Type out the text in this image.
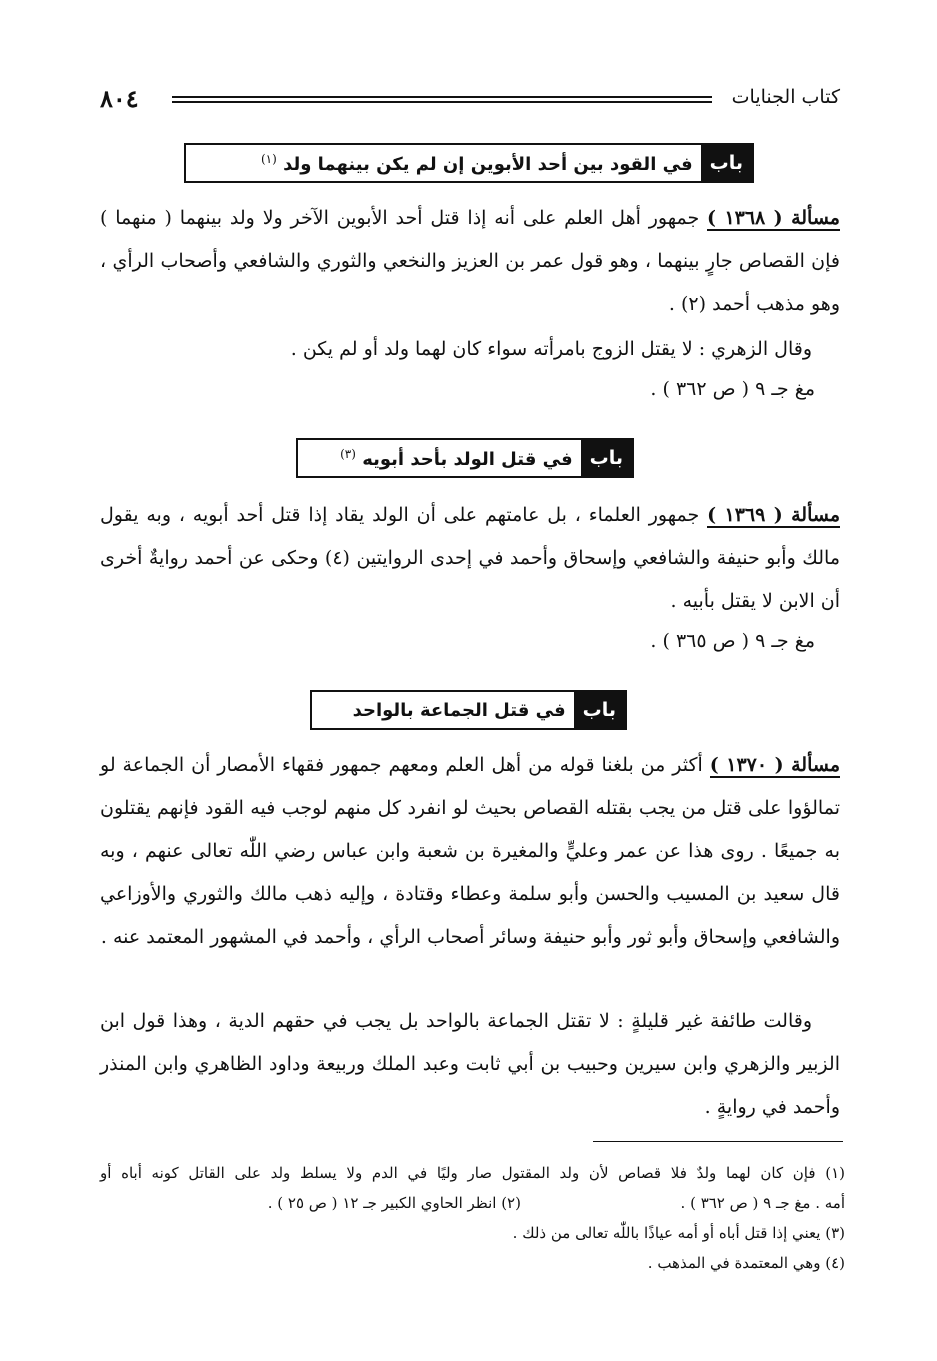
كتاب الجنايات
٨٠٤
باب
في القود بين أحد الأبوين إن لم يكن بينهما ولد $^{(١)}$
مسألة ( ١٣٦٨ ) جمهور أهل العلم على أنه إذا قتل أحد الأبوين الآخر ولا ولد بينهما ( منهما ) فإن القصاص جارٍ بينهما ، وهو قول عمر بن العزيز والنخعي والثوري والشافعي وأصحاب الرأي ، وهو مذهب أحمد (٢) .
وقال الزهري : لا يقتل الزوج بامرأته سواء كان لهما ولد أو لم يكن .
مغ جـ ٩ ( ص ٣٦٢ ) .
باب
في قتل الولد بأحد أبويه $^{(٣)}$
مسألة ( ١٣٦٩ ) جمهور العلماء ، بل عامتهم على أن الولد يقاد إذا قتل أحد أبويه ، وبه يقول مالك وأبو حنيفة والشافعي وإسحاق وأحمد في إحدى الروايتين (٤) وحكى عن أحمد روايةٌ أخرى أن الابن لا يقتل بأبيه .
مغ جـ ٩ ( ص ٣٦٥ ) .
باب
في قتل الجماعة بالواحد
مسألة ( ١٣٧٠ ) أكثر من بلغنا قوله من أهل العلم ومعهم جمهور فقهاء الأمصار أن الجماعة لو تمالؤوا على قتل من يجب بقتله القصاص بحيث لو انفرد كل منهم لوجب فيه القود فإنهم يقتلون به جميعًا . روى هذا عن عمر وعليٍّ والمغيرة بن شعبة وابن عباس رضي اللّٰه تعالى عنهم ، وبه قال سعيد بن المسيب والحسن وأبو سلمة وعطاء وقتادة ، وإليه ذهب مالك والثوري والأوزاعي والشافعي وإسحاق وأبو ثور وأبو حنيفة وسائر أصحاب الرأي ، وأحمد في المشهور المعتمد عنه .
وقالت طائفة غير قليلةٍ : لا تقتل الجماعة بالواحد بل يجب في حقهم الدية ، وهذا قول ابن الزبير والزهري وابن سيرين وحبيب بن أبي ثابت وعبد الملك وربيعة وداود الظاهري وابن المنذر وأحمد في روايةٍ .
(١) فإن كان لهما ولدٌ فلا قصاص لأن ولد المقتول صار وليًا في الدم ولا يسلط ولد على القاتل كونه أباه أو
أمه . مغ جـ ٩ ( ص ٣٦٢ ) .  (٢) انظر الحاوي الكبير جـ ١٢ ( ص ٢٥ ) .
(٣) يعني إذا قتل أباه أو أمه عياذًا باللّٰه تعالى من ذلك .
(٤) وهي المعتمدة في المذهب .
